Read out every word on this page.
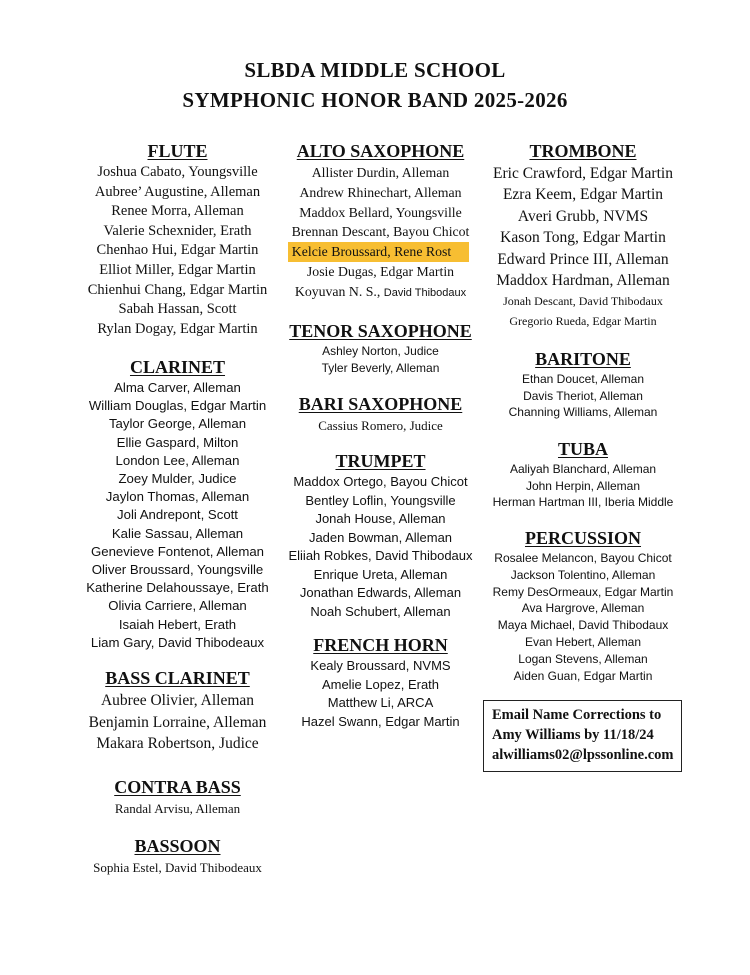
SLBDA MIDDLE SCHOOL
SYMPHONIC HONOR BAND 2025-2026
FLUTE
Joshua Cabato, Youngsville
Aubree’ Augustine, Alleman
Renee Morra, Alleman
Valerie Schexnider, Erath
Chenhao Hui, Edgar Martin
Elliot Miller, Edgar Martin
Chienhui Chang, Edgar Martin
Sabah Hassan, Scott
Rylan Dogay, Edgar Martin
CLARINET
Alma Carver, Alleman
William Douglas, Edgar Martin
Taylor George, Alleman
Ellie Gaspard, Milton
London Lee, Alleman
Zoey Mulder, Judice
Jaylon Thomas, Alleman
Joli Andrepont, Scott
Kalie Sassau, Alleman
Genevieve Fontenot, Alleman
Oliver Broussard, Youngsville
Katherine Delahoussaye, Erath
Olivia Carriere, Alleman
Isaiah Hebert, Erath
Liam Gary, David Thibodeaux
BASS CLARINET
Aubree Olivier, Alleman
Benjamin Lorraine, Alleman
Makara Robertson, Judice
CONTRA BASS
Randal Arvisu, Alleman
BASSOON
Sophia Estel, David Thibodeaux
ALTO SAXOPHONE
Allister Durdin, Alleman
Andrew Rhinechart, Alleman
Maddox Bellard, Youngsville
Brennan Descant, Bayou Chicot
Kelcie Broussard, Rene Rost
Josie Dugas, Edgar Martin
Koyuvan N. S., David Thibodaux
TENOR SAXOPHONE
Ashley Norton, Judice
Tyler Beverly, Alleman
BARI SAXOPHONE
Cassius Romero, Judice
TRUMPET
Maddox Ortego, Bayou Chicot
Bentley Loflin, Youngsville
Jonah House, Alleman
Jaden Bowman, Alleman
Eliiah Robkes, David Thibodaux
Enrique Ureta, Alleman
Jonathan Edwards, Alleman
Noah Schubert, Alleman
FRENCH HORN
Kealy Broussard, NVMS
Amelie Lopez, Erath
Matthew Li, ARCA
Hazel Swann, Edgar Martin
TROMBONE
Eric Crawford, Edgar Martin
Ezra Keem, Edgar Martin
Averi Grubb, NVMS
Kason Tong, Edgar Martin
Edward Prince III, Alleman
Maddox Hardman, Alleman
Jonah Descant, David Thibodaux
Gregorio Rueda, Edgar Martin
BARITONE
Ethan Doucet, Alleman
Davis Theriot, Alleman
Channing Williams, Alleman
TUBA
Aaliyah Blanchard, Alleman
John Herpin, Alleman
Herman Hartman III, Iberia Middle
PERCUSSION
Rosalee Melancon, Bayou Chicot
Jackson Tolentino, Alleman
Remy DesOrmeaux, Edgar Martin
Ava Hargrove, Alleman
Maya Michael, David Thibodaux
Evan Hebert, Alleman
Logan Stevens, Alleman
Aiden Guan, Edgar Martin
Email Name Corrections to
Amy Williams by 11/18/24
alwilliams02@lpssonline.com
